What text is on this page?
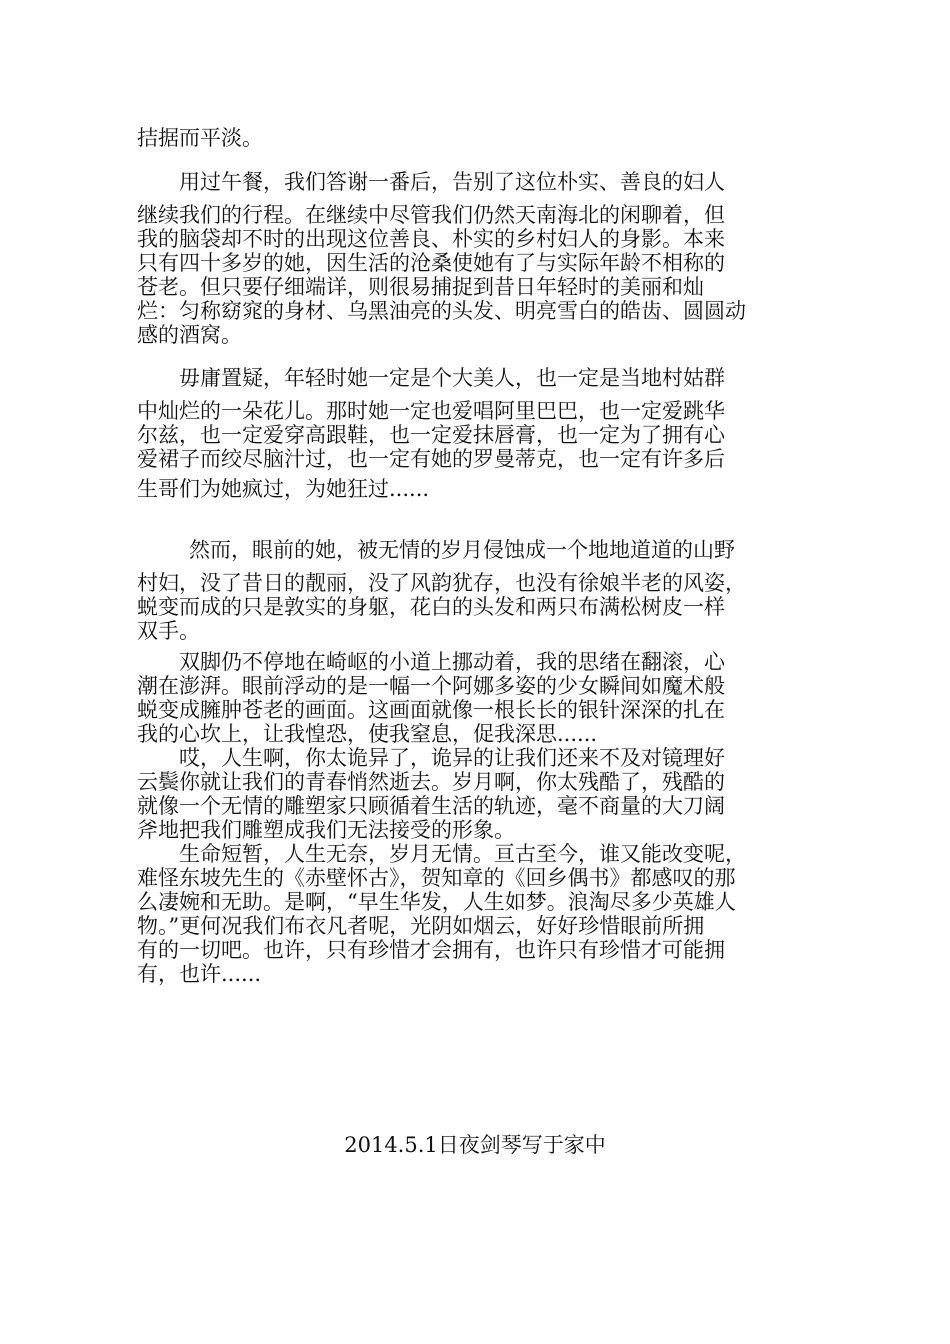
拮据而平淡。
用过午餐，我们答谢一番后，告别了这位朴实、善良的妇人
继续我们的行程。在继续中尽管我们仍然天南海北的闲聊着，但
我的脑袋却不时的出现这位善良、朴实的乡村妇人的身影。本来
只有四十多岁的她，因生活的沧桑使她有了与实际年龄不相称的
苍老。但只要仔细端详，则很易捕捉到昔日年轻时的美丽和灿
烂：匀称窈窕的身材、乌黑油亮的头发、明亮雪白的皓齿、圆圆动
感的酒窝。
毋庸置疑，年轻时她一定是个大美人，也一定是当地村姑群
中灿烂的一朵花儿。那时她一定也爱唱阿里巴巴，也一定爱跳华
尔兹，也一定爱穿高跟鞋，也一定爱抹唇膏，也一定为了拥有心
爱裙子而绞尽脑汁过，也一定有她的罗曼蒂克，也一定有许多后
生哥们为她疯过，为她狂过......
然而，眼前的她，被无情的岁月侵蚀成一个地地道道的山野
村妇，没了昔日的靓丽，没了风韵犹存，也没有徐娘半老的风姿，
蜕变而成的只是敦实的身躯，花白的头发和两只布满松树皮一样
双手。
双脚仍不停地在崎岖的小道上挪动着，我的思绪在翻滚，心
潮在澎湃。眼前浮动的是一幅一个阿娜多姿的少女瞬间如魔术般
蜕变成臃肿苍老的画面。这画面就像一根长长的银针深深的扎在
我的心坎上，让我惶恐，使我窒息，促我深思......
哎，人生啊，你太诡异了，诡异的让我们还来不及对镜理好
云鬓你就让我们的青春悄然逝去。岁月啊，你太残酷了，残酷的
就像一个无情的雕塑家只顾循着生活的轨迹，毫不商量的大刀阔
斧地把我们雕塑成我们无法接受的形象。
生命短暂，人生无奈，岁月无情。亘古至今，谁又能改变呢，
难怪东坡先生的《赤壁怀古》，贺知章的《回乡偶书》都感叹的那
么凄婉和无助。是啊，“早生华发，人生如梦。浪淘尽多少英雄人
物。”更何况我们布衣凡者呢，光阴如烟云，好好珍惜眼前所拥
有的一切吧。也许，只有珍惜才会拥有，也许只有珍惜才可能拥
有，也许......
2014.5.1日夜剑琴写于家中
